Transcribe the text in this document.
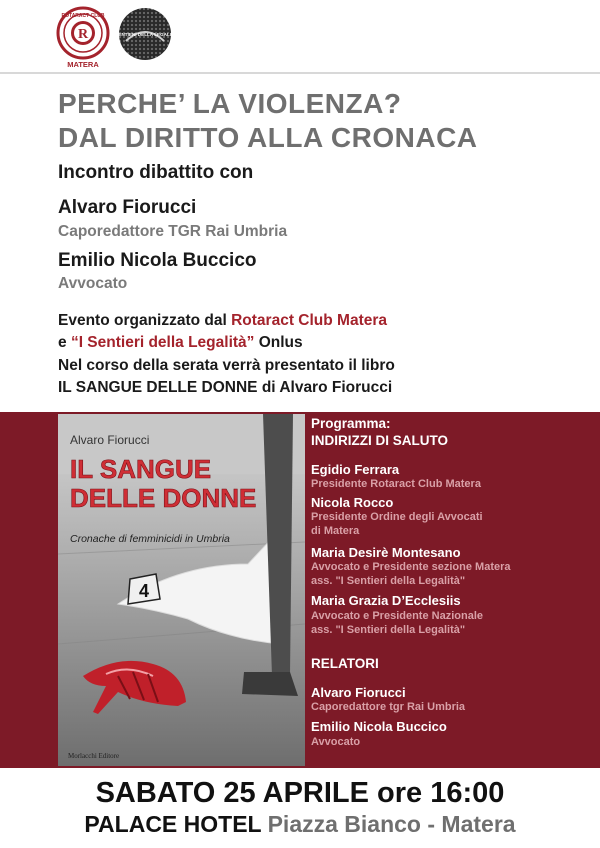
R
ROTARACT CLUB
MATERA
I SENTIERI DELLA LEGALITÀ
PERCHE’ LA VIOLENZA?
DAL DIRITTO ALLA CRONACA
Incontro dibattito con
Alvaro Fiorucci
Caporedattore TGR Rai Umbria
Emilio Nicola Buccico
Avvocato
Evento organizzato dal Rotaract Club Matera
e “I Sentieri della Legalità” Onlus
Nel corso della serata verrà presentato il libro
IL SANGUE DELLE DONNE di Alvaro Fiorucci
4
Alvaro Fiorucci
IL SANGUE
DELLE DONNE
Cronache di femminicidi in Umbria
Morlacchi Editore
Programma:
INDIRIZZI DI SALUTO
Egidio Ferrara
Presidente Rotaract Club Matera
Nicola Rocco
Presidente Ordine degli Avvocati
di Matera
Maria Desirè Montesano
Avvocato e Presidente sezione Matera
ass. "I Sentieri della Legalità"
Maria Grazia D’Ecclesiis
Avvocato e Presidente Nazionale
ass. "I Sentieri della Legalità"
RELATORI
Alvaro Fiorucci
Caporedattore tgr Rai Umbria
Emilio Nicola Buccico
Avvocato
SABATO 25 APRILE ore 16:00
PALACE HOTEL Piazza Bianco - Matera
